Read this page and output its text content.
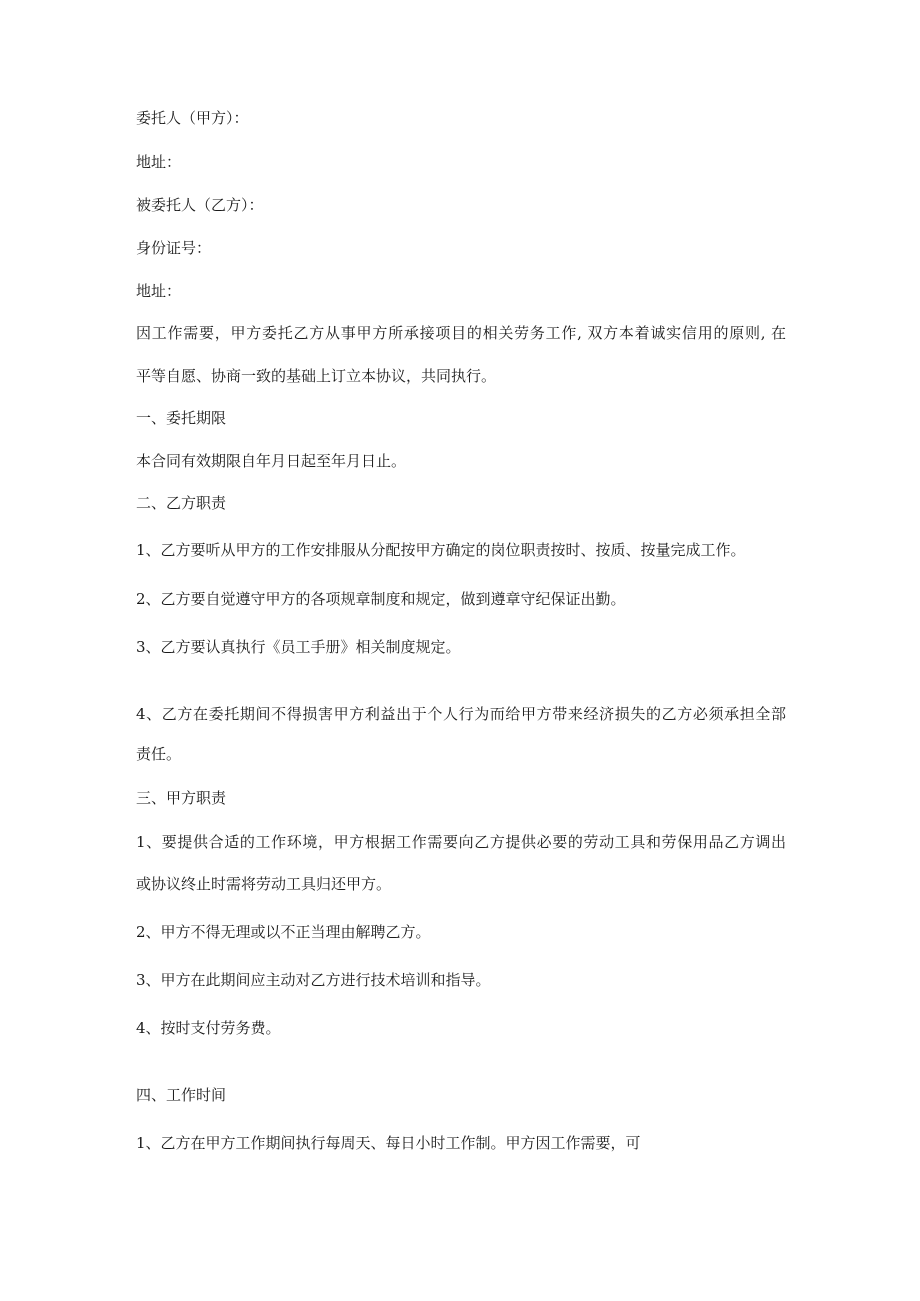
委托人（甲方）：
地址：
被委托人（乙方）：
身份证号：
地址：
因工作需要，甲方委托乙方从事甲方所承接项目的相关劳务工作, 双方本着诚实信用的原则, 在
平等自愿、协商一致的基础上订立本协议，共同执行。
一、委托期限
本合同有效期限自年月日起至年月日止。
二、乙方职责
1、乙方要听从甲方的工作安排服从分配按甲方确定的岗位职责按时、按质、按量完成工作。
2、乙方要自觉遵守甲方的各项规章制度和规定，做到遵章守纪保证出勤。
3、乙方要认真执行《员工手册》相关制度规定。
4、乙方在委托期间不得损害甲方利益出于个人行为而给甲方带来经济损失的乙方必须承担全部
责任。
三、甲方职责
1、要提供合适的工作环境，甲方根据工作需要向乙方提供必要的劳动工具和劳保用品乙方调出
或协议终止时需将劳动工具归还甲方。
2、甲方不得无理或以不正当理由解聘乙方。
3、甲方在此期间应主动对乙方进行技术培训和指导。
4、按时支付劳务费。
四、工作时间
1、乙方在甲方工作期间执行每周天、每日小时工作制。甲方因工作需要，可
